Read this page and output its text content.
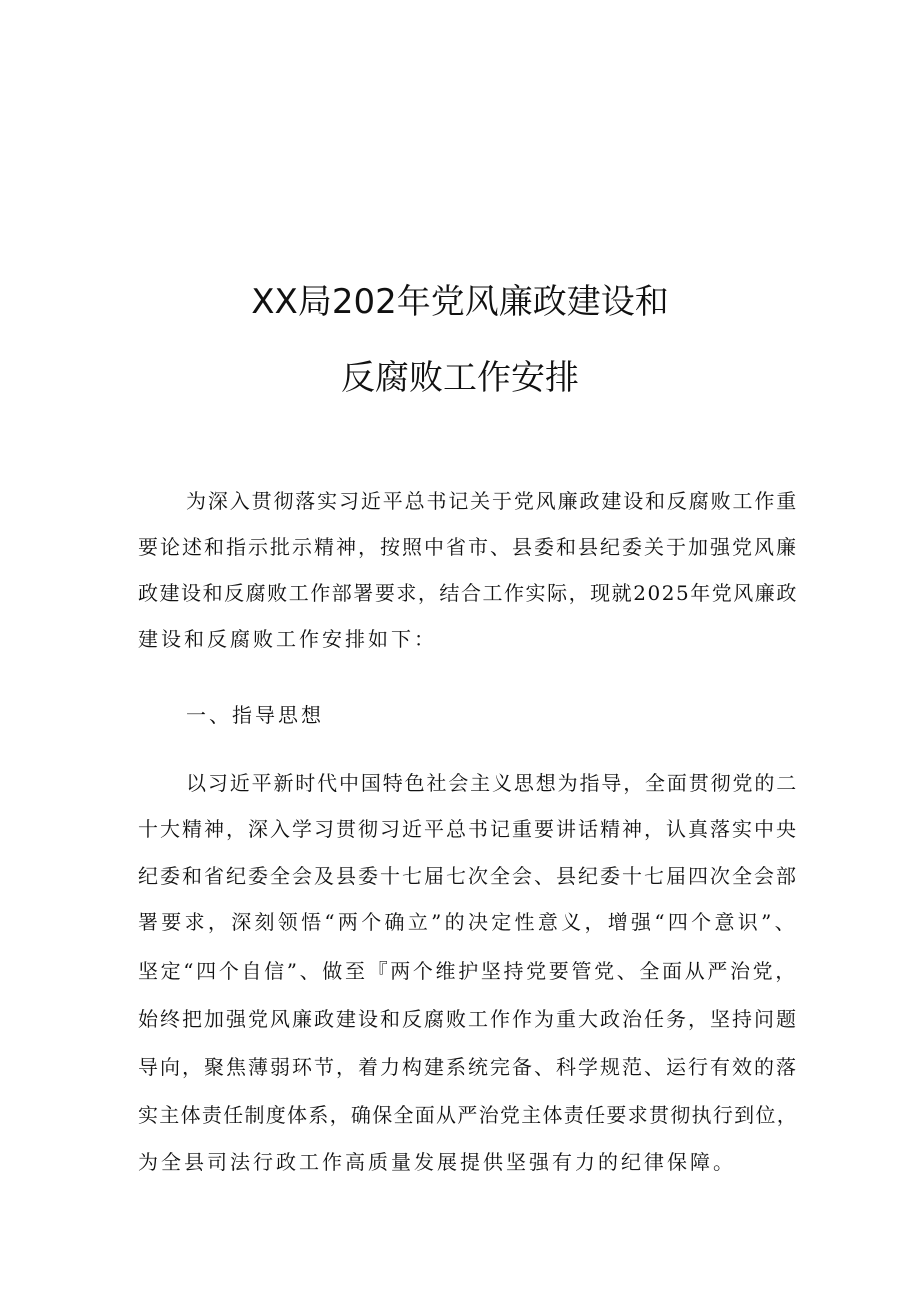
XX局202年党风廉政建设和
反腐败工作安排

为深入贯彻落实习近平总书记关于党风廉政建设和反腐败工作重

要论述和指示批示精神，按照中省市、县委和县纪委关于加强党风廉

政建设和反腐败工作部署要求，结合工作实际，现就2025年党风廉政

建设和反腐败工作安排如下：

一、指导思想

以习近平新时代中国特色社会主义思想为指导，全面贯彻党的二

十大精神，深入学习贯彻习近平总书记重要讲话精神，认真落实中央

纪委和省纪委全会及县委十七届七次全会、县纪委十七届四次全会部

署要求，深刻领悟“两个确立”的决定性意义，增强“四个意识”、

坚定“四个自信”、做至『两个维护坚持党要管党、全面从严治党，

始终把加强党风廉政建设和反腐败工作作为重大政治任务，坚持问题

导向，聚焦薄弱环节，着力构建系统完备、科学规范、运行有效的落

实主体责任制度体系，确保全面从严治党主体责任要求贯彻执行到位，

为全县司法行政工作高质量发展提供坚强有力的纪律保障。
